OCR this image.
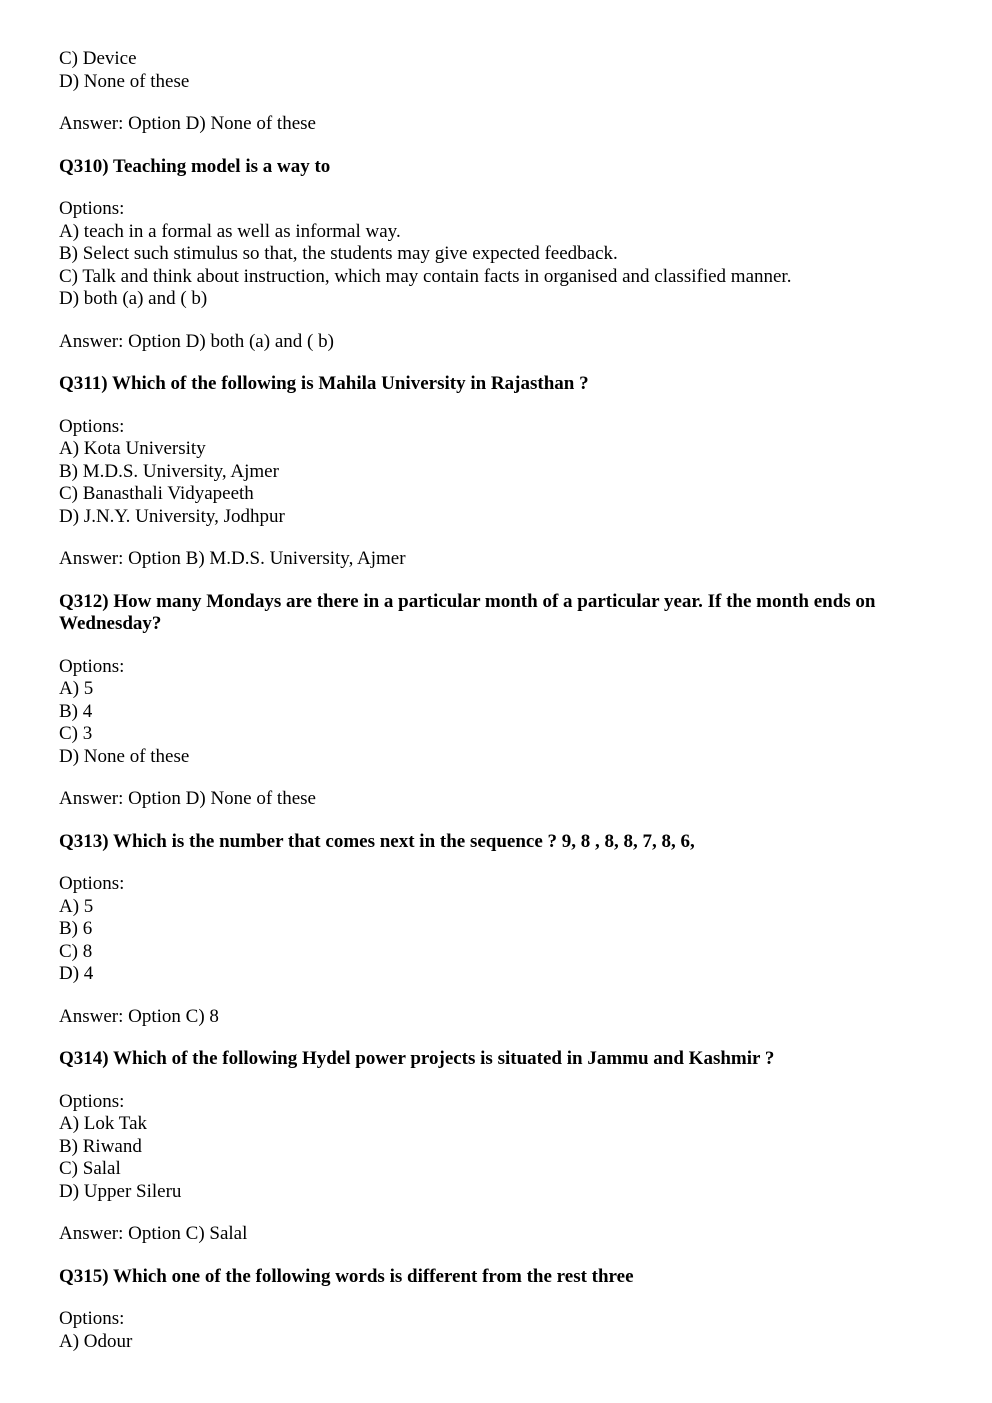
C) Device
D) None of these
Answer: Option D) None of these
Q310) Teaching model is a way to
Options:
A) teach in a formal as well as informal way.
B) Select such stimulus so that, the students may give expected feedback.
C) Talk and think about instruction, which may contain facts in organised and classified manner.
D) both (a) and ( b)
Answer: Option D) both (a) and ( b)
Q311) Which of the following is Mahila University in Rajasthan ?
Options:
A) Kota University
B) M.D.S. University, Ajmer
C) Banasthali Vidyapeeth
D) J.N.Y. University, Jodhpur
Answer: Option B) M.D.S. University, Ajmer
Q312) How many Mondays are there in a particular month of a particular year. If the month ends on Wednesday?
Options:
A) 5
B) 4
C) 3
D) None of these
Answer: Option D) None of these
Q313) Which is the number that comes next in the sequence ? 9, 8 , 8, 8, 7, 8, 6,
Options:
A) 5
B) 6
C) 8
D) 4
Answer: Option C) 8
Q314) Which of the following Hydel power projects is situated in Jammu and Kashmir ?
Options:
A) Lok Tak
B) Riwand
C) Salal
D) Upper Sileru
Answer: Option C) Salal
Q315) Which one of the following words is different from the rest three
Options:
A) Odour
